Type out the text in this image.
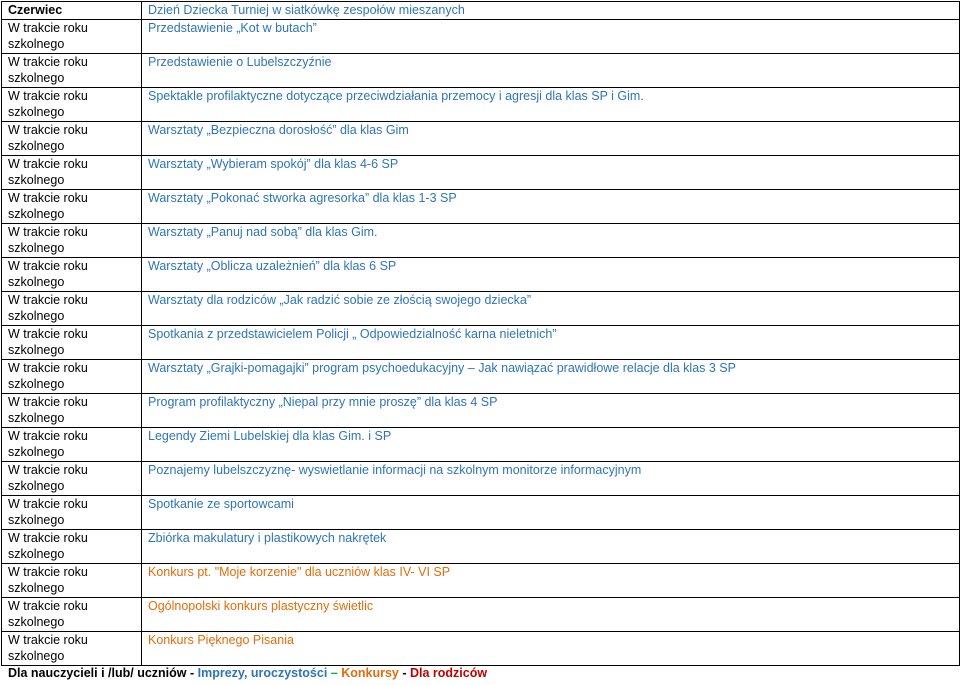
Czerwiec	Dzień Dziecka Turniej w siatkówkę zespołów mieszanych
W trakcie roku szkolnego	Przedstawienie „Kot w butach”
W trakcie roku szkolnego	Przedstawienie o Lubelszczyźnie
W trakcie roku szkolnego	Spektakle profilaktyczne dotyczące przeciwdziałania przemocy i agresji dla klas SP i Gim.
W trakcie roku szkolnego	Warsztaty „Bezpieczna dorosłość” dla klas Gim
W trakcie roku szkolnego	Warsztaty „Wybieram spokój” dla klas 4-6 SP
W trakcie roku szkolnego	Warsztaty „Pokonać stworka agresorka” dla klas 1-3 SP
W trakcie roku szkolnego	Warsztaty „Panuj nad sobą” dla klas Gim.
W trakcie roku szkolnego	Warsztaty „Oblicza uzależnień” dla klas 6 SP
W trakcie roku szkolnego	Warsztaty dla rodziców „Jak radzić sobie ze złością swojego dziecka”
W trakcie roku szkolnego	Spotkania z przedstawicielem Policji „ Odpowiedzialność karna nieletnich”
W trakcie roku szkolnego	Warsztaty „Grajki-pomagajki” program psychoedukacyjny – Jak nawiązać prawidłowe relacje dla klas 3 SP
W trakcie roku szkolnego	Program profilaktyczny „Niepal przy mnie proszę” dla klas 4 SP
W trakcie roku szkolnego	Legendy Ziemi Lubelskiej dla klas Gim. i SP
W trakcie roku szkolnego	Poznajemy lubelszczyznę- wyswietlanie informacji na szkolnym monitorze informacyjnym
W trakcie roku szkolnego	Spotkanie ze sportowcami
W trakcie roku szkolnego	Zbiórka makulatury i plastikowych nakrętek
W trakcie roku szkolnego	Konkurs pt. "Moje korzenie" dla uczniów klas IV- VI SP
W trakcie roku szkolnego	Ogólnopolski konkurs plastyczny świetlic
W trakcie roku szkolnego	Konkurs Pięknego Pisania
Dla nauczycieli i /lub/ uczniów - Imprezy, uroczystości – Konkursy - Dla rodziców
